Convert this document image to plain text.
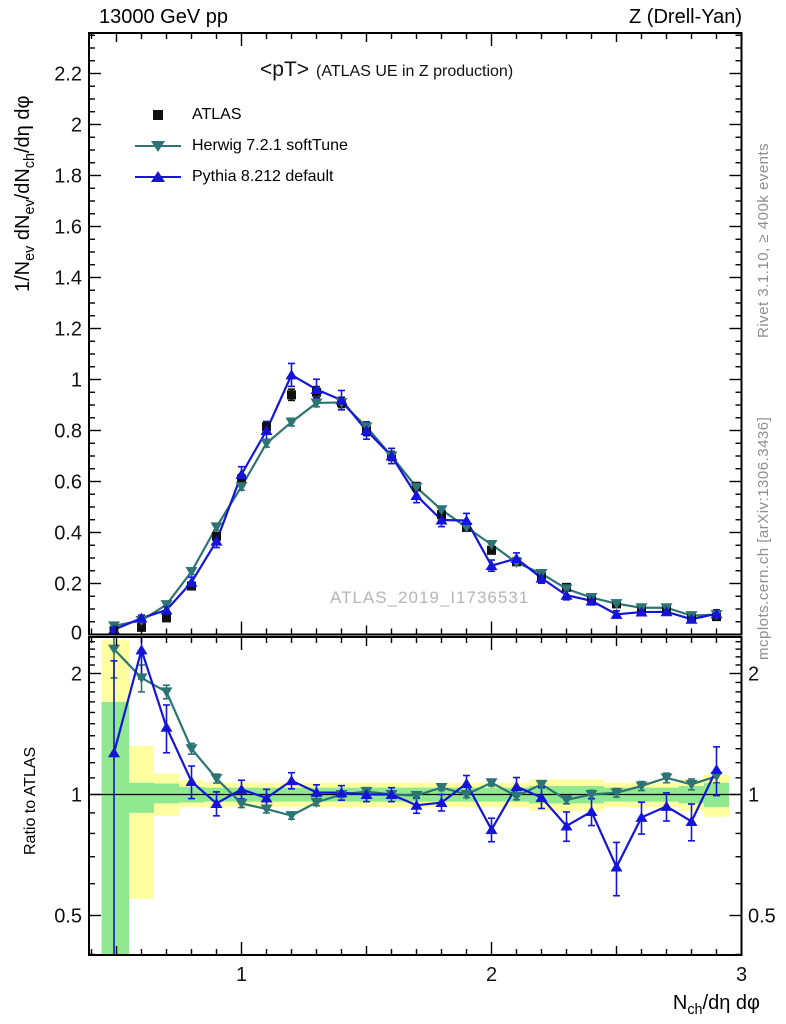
1	2	3
0
0.2
0.4
0.6
0.8
1
1.2
1.4
1.6
1.8
2
2.2
0.5	0.5
1	1
2	2
13000 GeV pp	Z (Drell-Yan)
$1/N_{ev}$ $dN_{ev}/dN_{ch}/d\eta$ dφ
<pT> (ATLAS UE in Z production)
ATLAS
Herwig 7.2.1 softTune
Pythia 8.212 default
ATLAS_2019_I1736531
Rivet 3.1.10, ≥ 400k events
mcplots.cern.ch [arXiv:1306.3436]
Ratio to ATLAS
$N_{ch}/d\eta$ dφ
